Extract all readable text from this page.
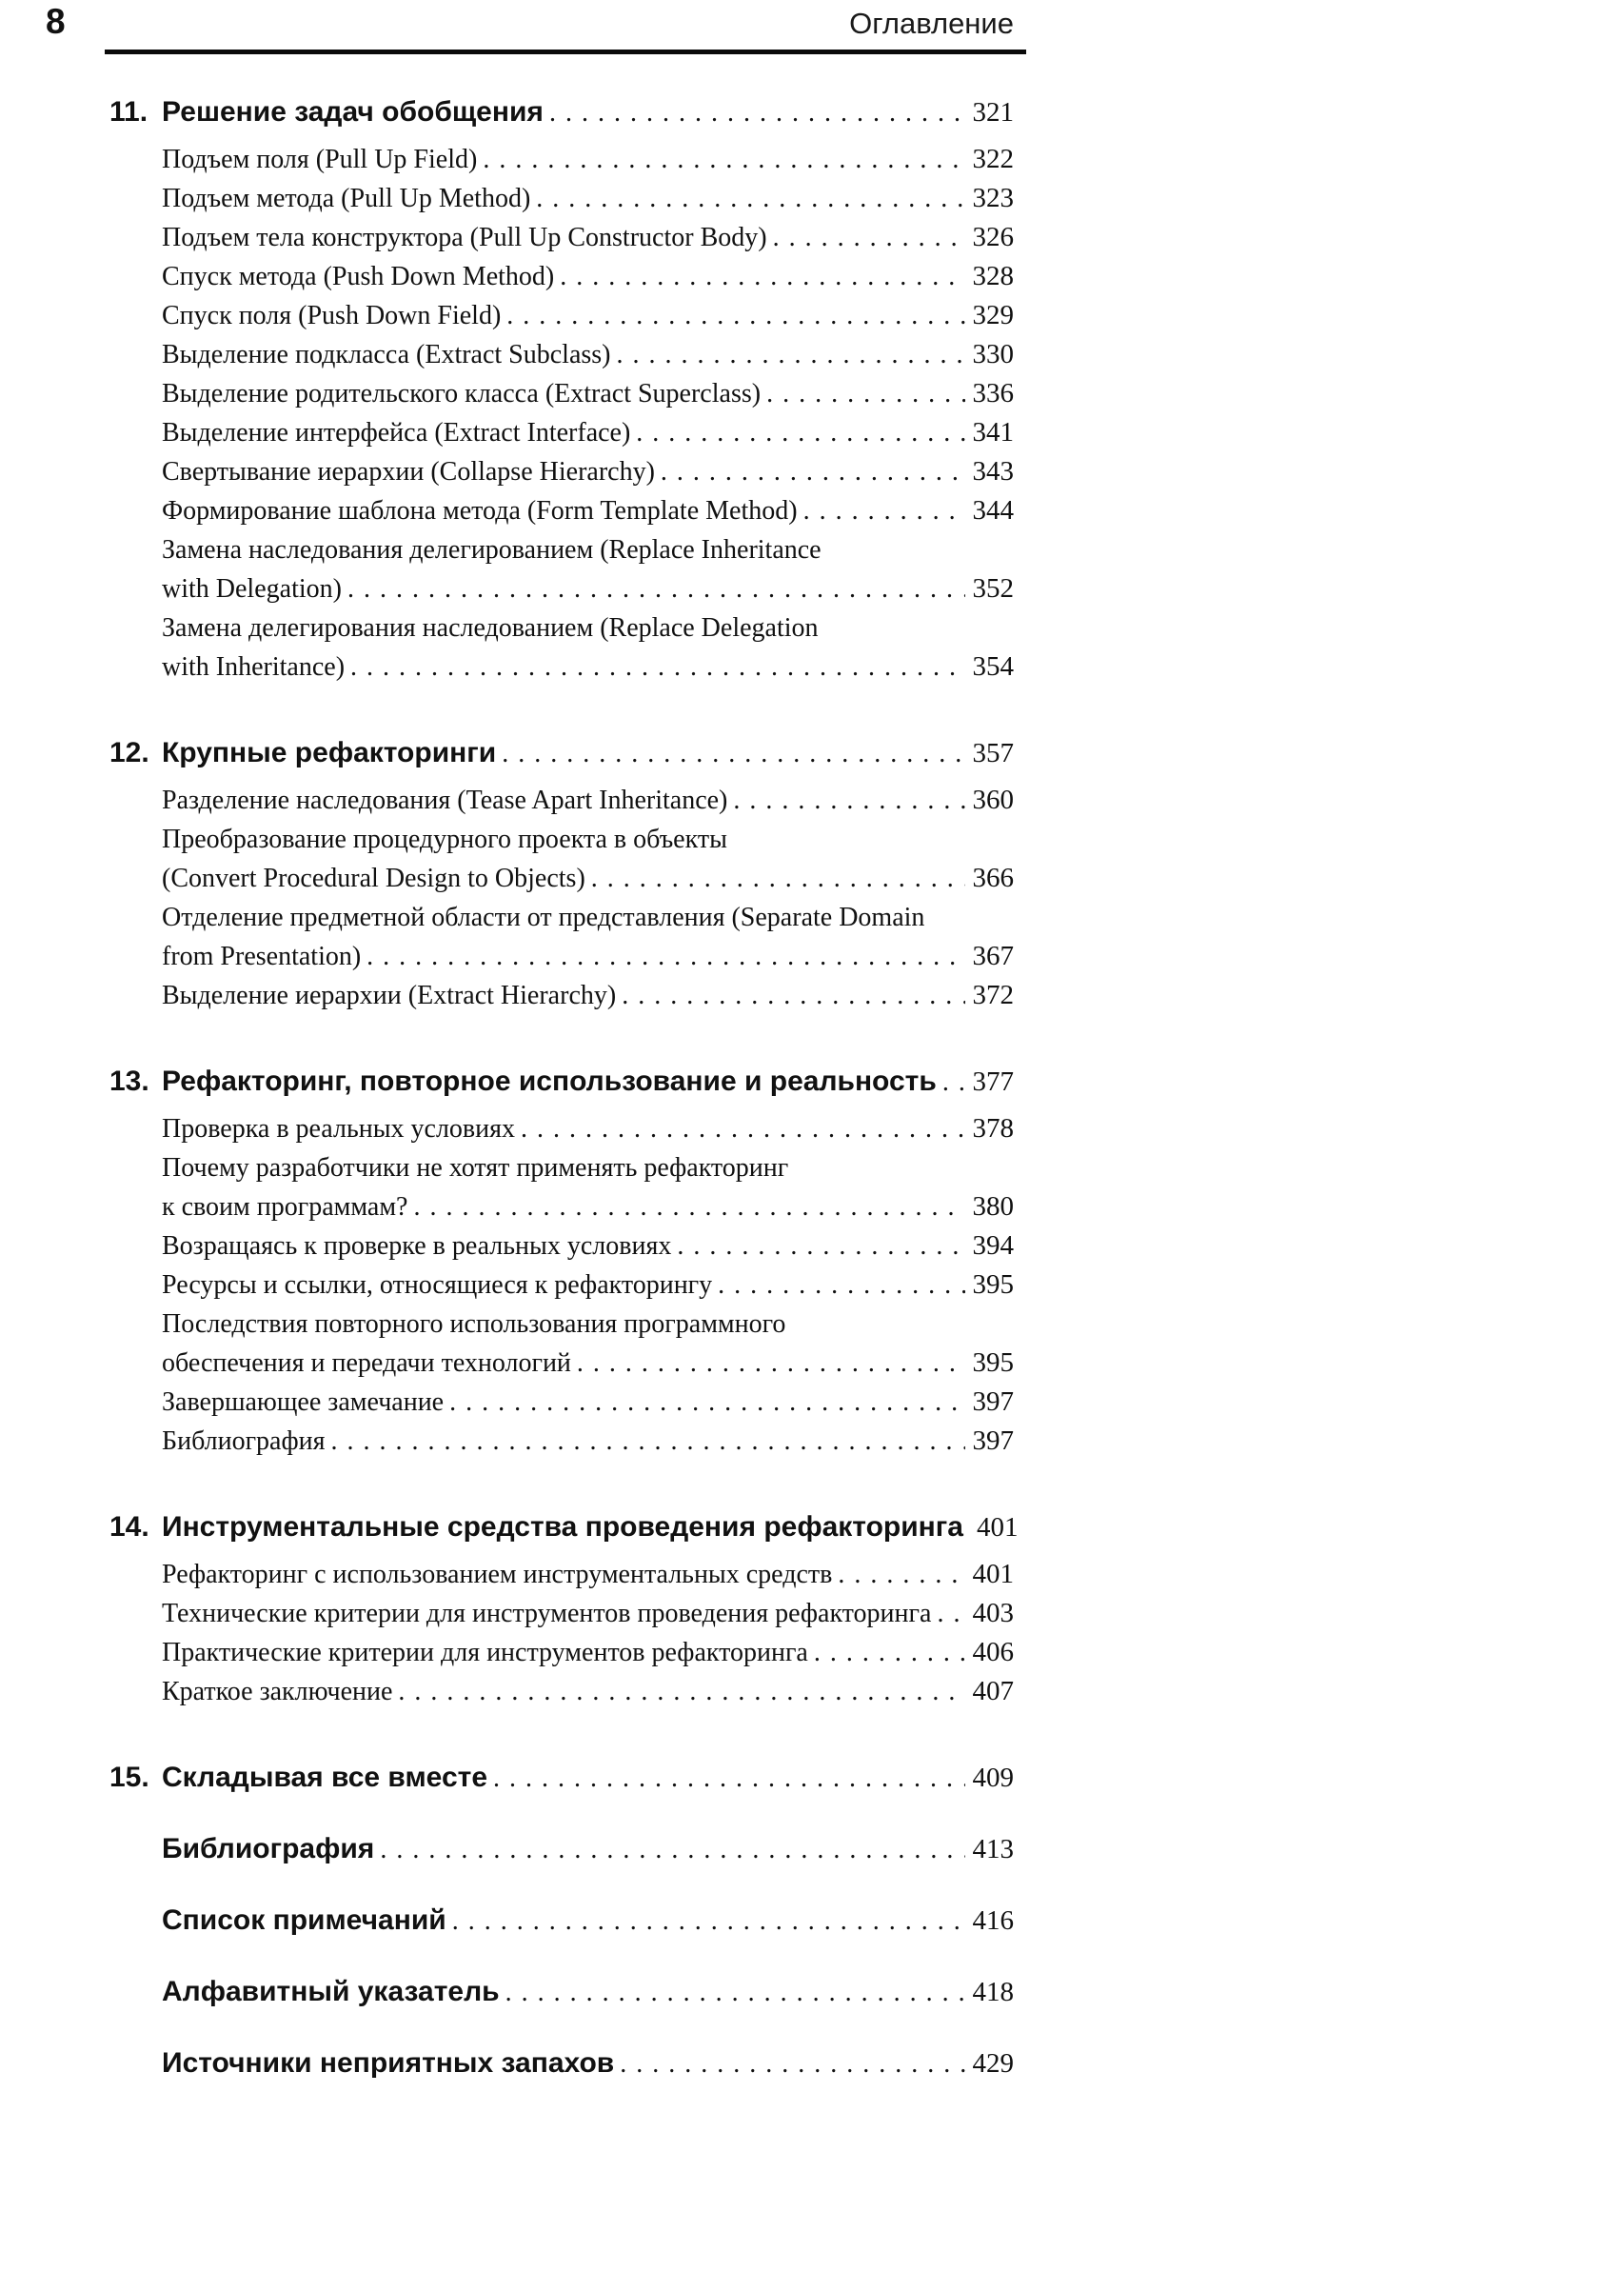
8	Оглавление
11. Решение задач обобщения .....	321
Подъем поля (Pull Up Field) .....	322
Подъем метода (Pull Up Method) .....	323
Подъем тела конструктора (Pull Up Constructor Body) .....	326
Спуск метода (Push Down Method) .....	328
Спуск поля (Push Down Field) .....	329
Выделение подкласса (Extract Subclass) .....	330
Выделение родительского класса (Extract Superclass) .....	336
Выделение интерфейса (Extract Interface) .....	341
Свертывание иерархии (Collapse Hierarchy) .....	343
Формирование шаблона метода (Form Template Method) .....	344
Замена наследования делегированием (Replace Inheritance
with Delegation) .....	352
Замена делегирования наследованием (Replace Delegation
with Inheritance) .....	354
12. Крупные рефакторинги .....	357
Разделение наследования (Tease Apart Inheritance) .....	360
Преобразование процедурного проекта в объекты
(Convert Procedural Design to Objects) .....	366
Отделение предметной области от представления (Separate Domain
from Presentation) .....	367
Выделение иерархии (Extract Hierarchy) .....	372
13. Рефакторинг, повторное использование и реальность ..... 377
Проверка в реальных условиях .....	378
Почему разработчики не хотят применять рефакторинг
к своим программам? .....	380
Возращаясь к проверке в реальных условиях .....	394
Ресурсы и ссылки, относящиеся к рефакторингу .....	395
Последствия повторного использования программного
обеспечения и передачи технологий .....	395
Завершающее замечание .....	397
Библиография .....	397
14. Инструментальные средства проведения рефакторинга 401
Рефакторинг с использованием инструментальных средств .....	401
Технические критерии для инструментов проведения рефакторинга ..... 403
Практические критерии для инструментов рефакторинга .....	406
Краткое заключение .....	407
15. Складывая все вместе .....	409
Библиография .....	413
Список примечаний .....	416
Алфавитный указатель .....	418
Источники неприятных запахов .....	429
